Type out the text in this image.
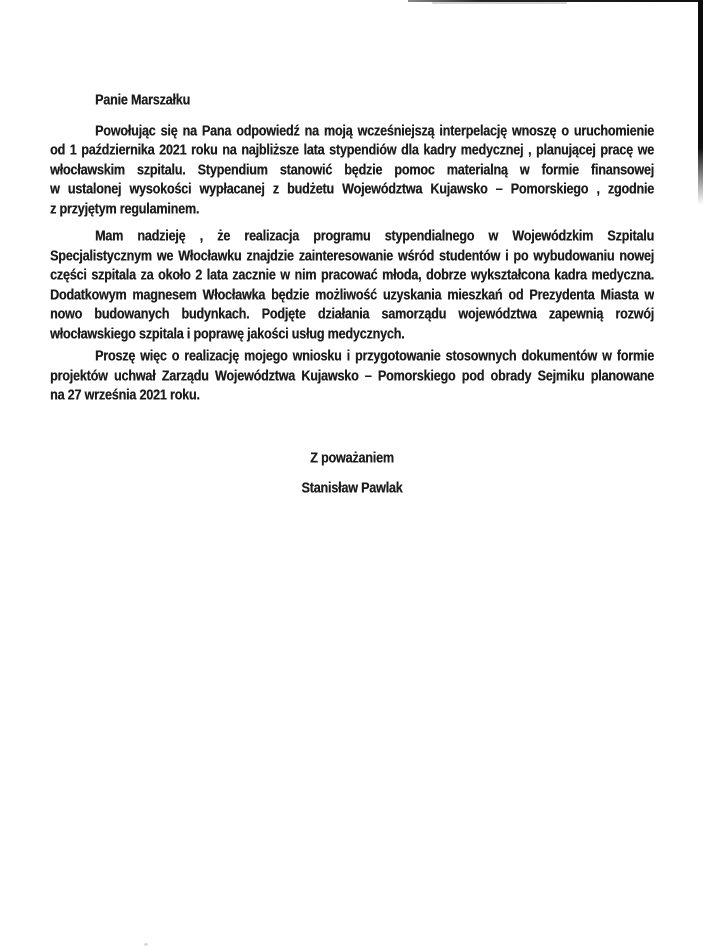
Panie Marszałku
Powołując się na Pana odpowiedź na moją wcześniejszą interpelację wnoszę o uruchomienie
od 1 października 2021 roku na najbliższe lata stypendiów dla kadry medycznej , planującej pracę we
włocławskim szpitalu. Stypendium stanowić będzie pomoc materialną w formie finansowej
w ustalonej wysokości wypłacanej z budżetu Województwa Kujawsko – Pomorskiego , zgodnie
z przyjętym regulaminem.
Mam nadzieję , że realizacja programu stypendialnego w Wojewódzkim Szpitalu
Specjalistycznym we Włocławku znajdzie zainteresowanie wśród studentów i po wybudowaniu nowej
części szpitala za około 2 lata zacznie w nim pracować młoda, dobrze wykształcona kadra medyczna.
Dodatkowym magnesem Włocławka będzie możliwość uzyskania mieszkań od Prezydenta Miasta w
nowo budowanych budynkach. Podjęte działania samorządu województwa zapewnią rozwój
włocławskiego szpitala i poprawę jakości usług medycznych.
Proszę więc o realizację mojego wniosku i przygotowanie stosownych dokumentów w formie
projektów uchwał Zarządu Województwa Kujawsko – Pomorskiego pod obrady Sejmiku planowane
na 27 września 2021 roku.
Z poważaniem
Stanisław Pawlak
